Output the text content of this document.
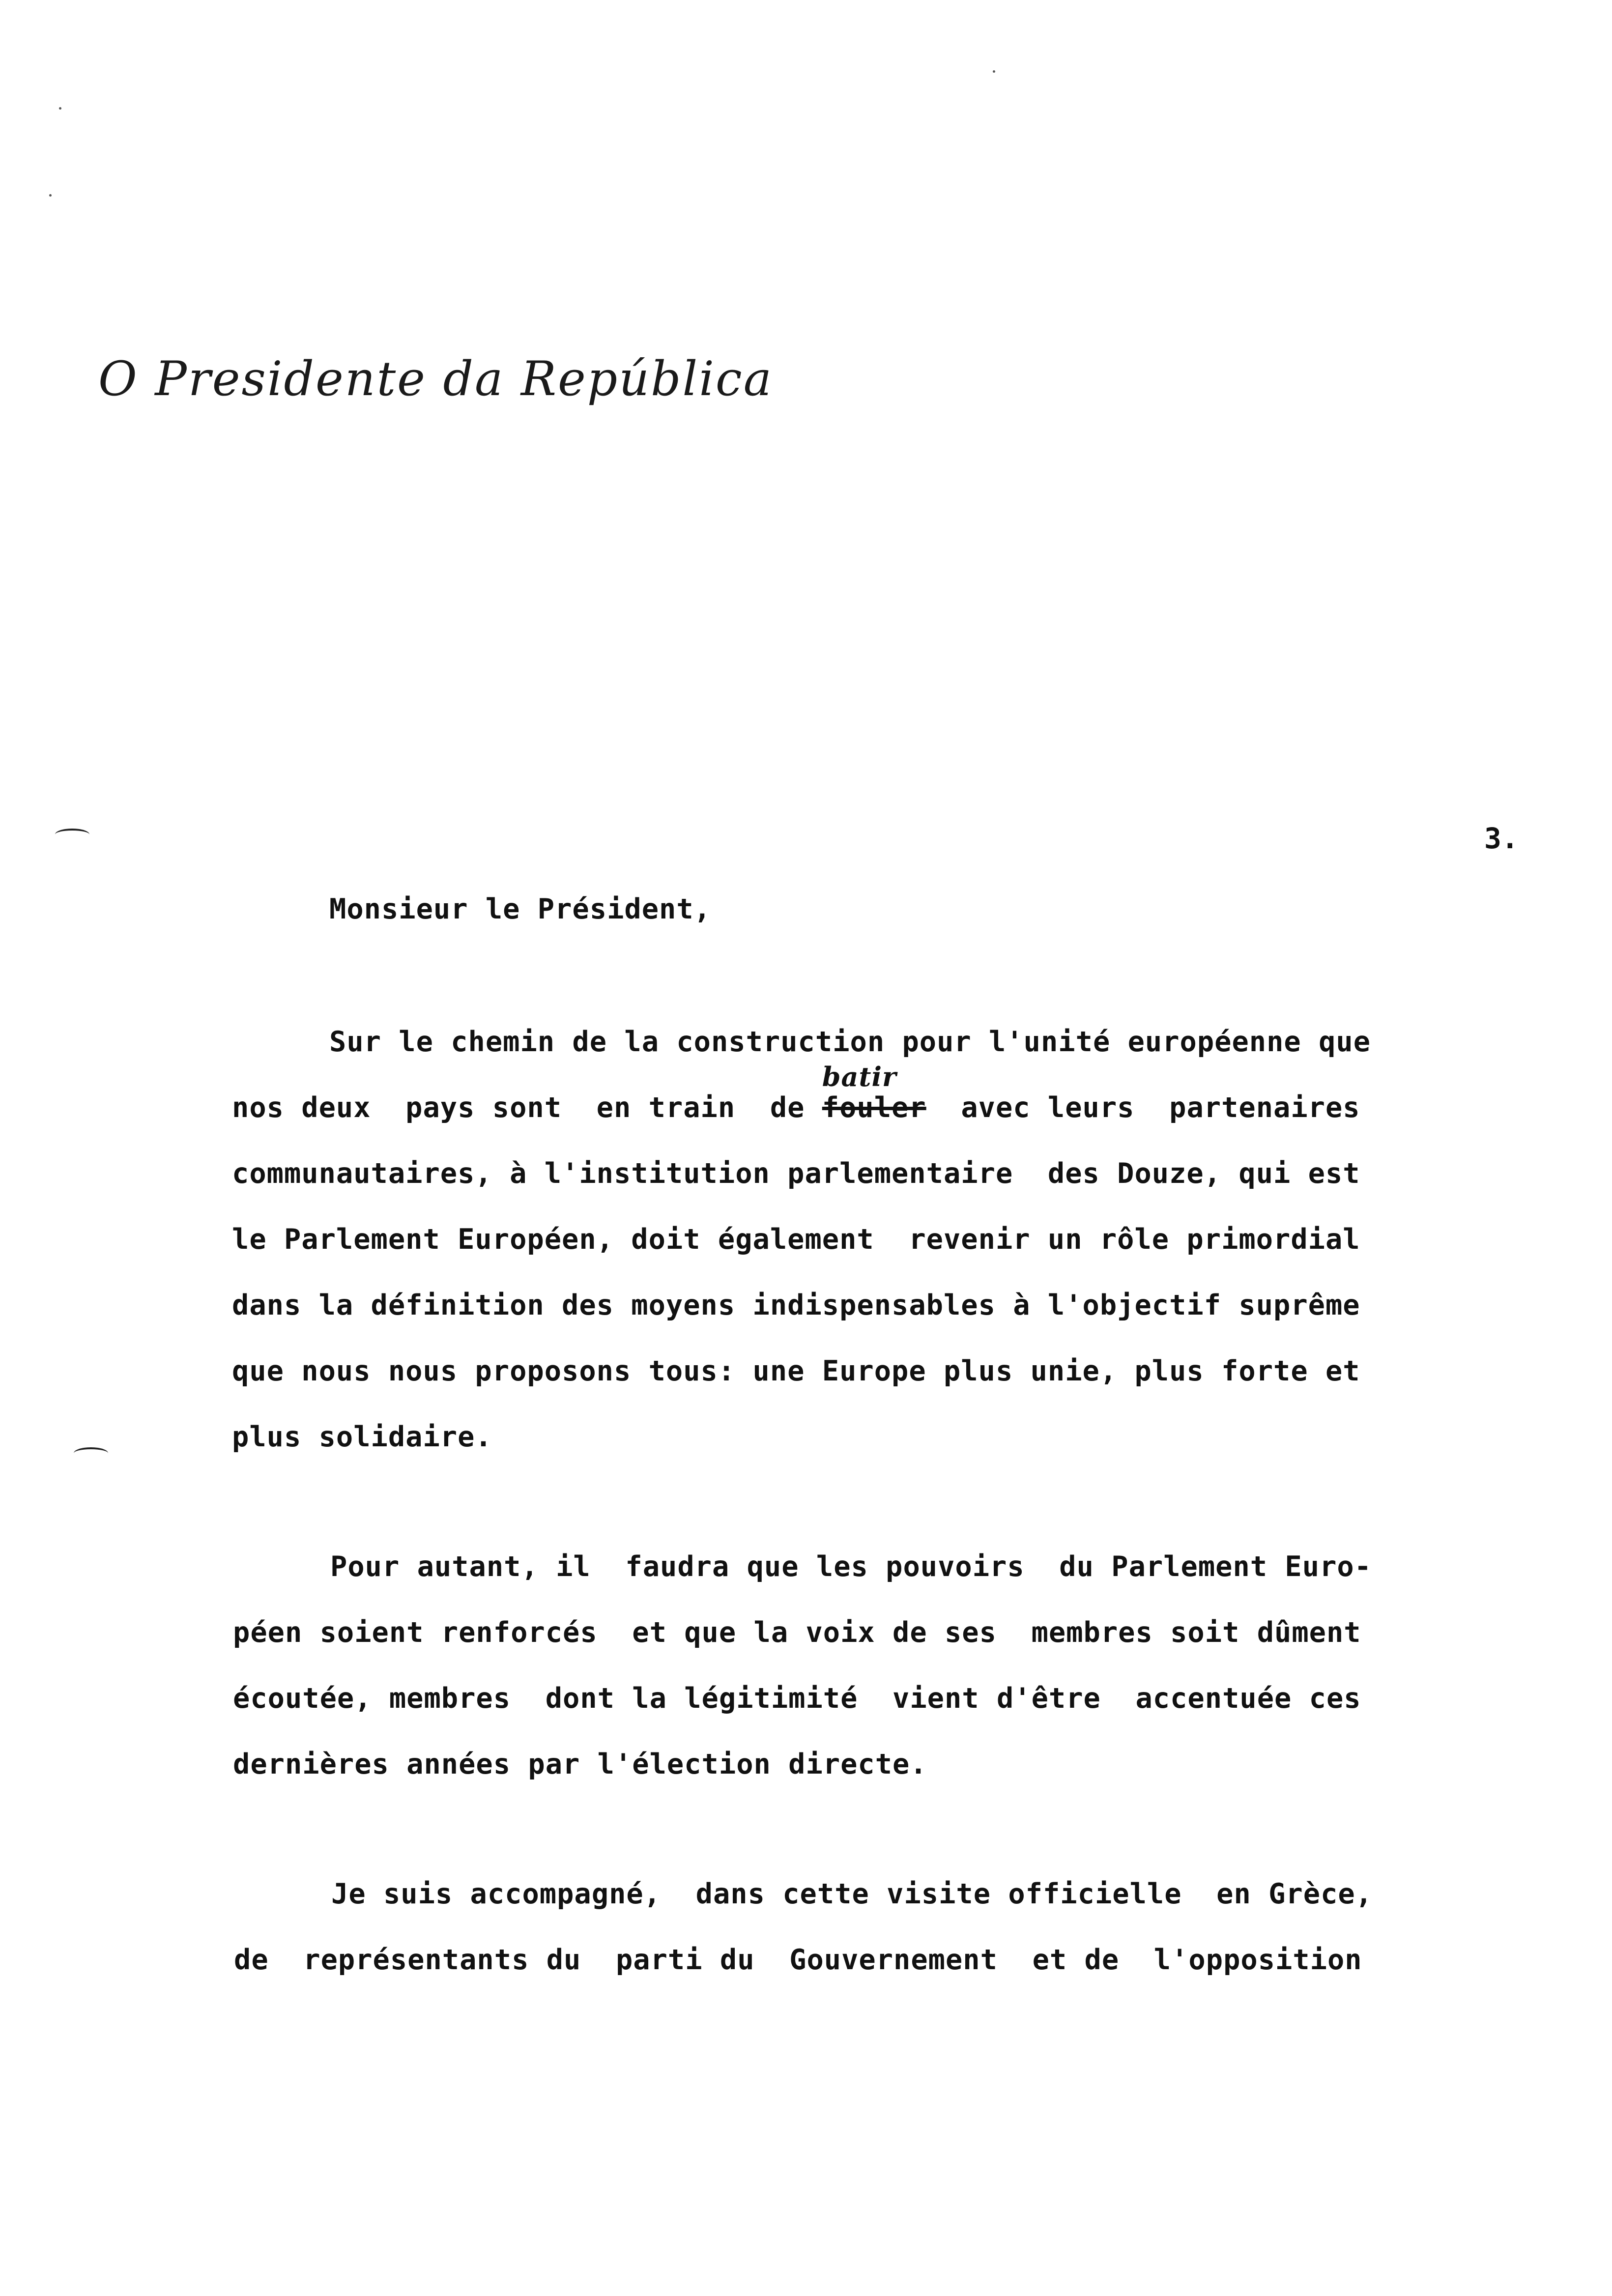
O Presidente da República
3.
Monsieur le Président,
Sur le chemin de la construction pour l'unité européenne que
nos deux  pays sont  en train  de fouler
batir
avec leurs  partenaires
communautaires, à l'institution parlementaire  des Douze, qui est
le Parlement Européen, doit également  revenir un rôle primordial
dans la définition des moyens indispensables à l'objectif suprême
que nous nous proposons tous: une Europe plus unie, plus forte et
plus solidaire.
Pour autant, il  faudra que les pouvoirs  du Parlement Euro-
péen soient renforcés  et que la voix de ses  membres soit dûment
écoutée, membres  dont la légitimité  vient d'être  accentuée ces
dernières années par l'élection directe.
Je suis accompagné,  dans cette visite officielle  en Grèce,
de  représentants du  parti du  Gouvernement  et de  l'opposition
